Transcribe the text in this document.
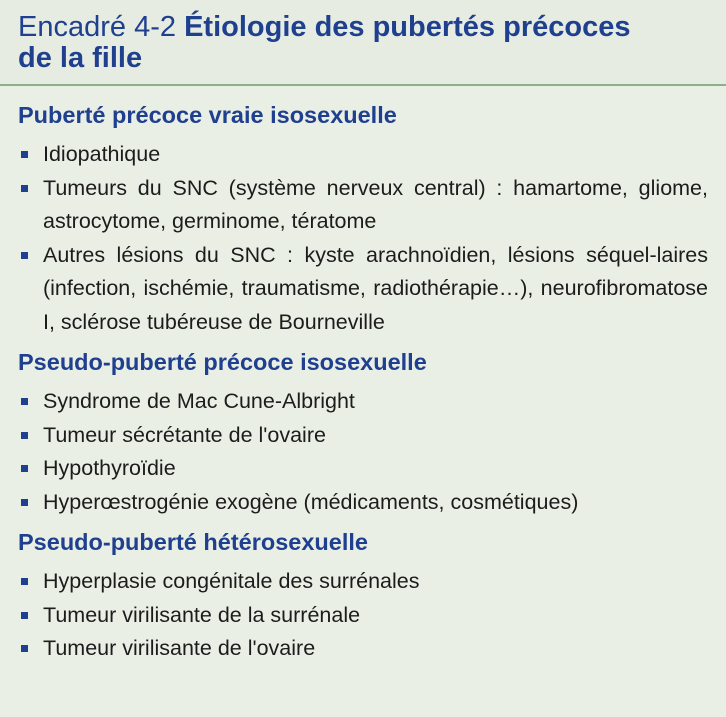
Encadré 4-2 Étiologie des pubertés précoces
de la fille
Puberté précoce vraie isosexuelle
Idiopathique
Tumeurs du SNC (système nerveux central) : hamartome, gliome, astrocytome, germinome, tératome
Autres lésions du SNC : kyste arachnoïdien, lésions séquel-laires (infection, ischémie, traumatisme, radiothérapie…), neurofibromatose I, sclérose tubéreuse de Bourneville
Pseudo-puberté précoce isosexuelle
Syndrome de Mac Cune-Albright
Tumeur sécrétante de l'ovaire
Hypothyroïdie
Hyperœstrogénie exogène (médicaments, cosmétiques)
Pseudo-puberté hétérosexuelle
Hyperplasie congénitale des surrénales
Tumeur virilisante de la surrénale
Tumeur virilisante de l'ovaire
